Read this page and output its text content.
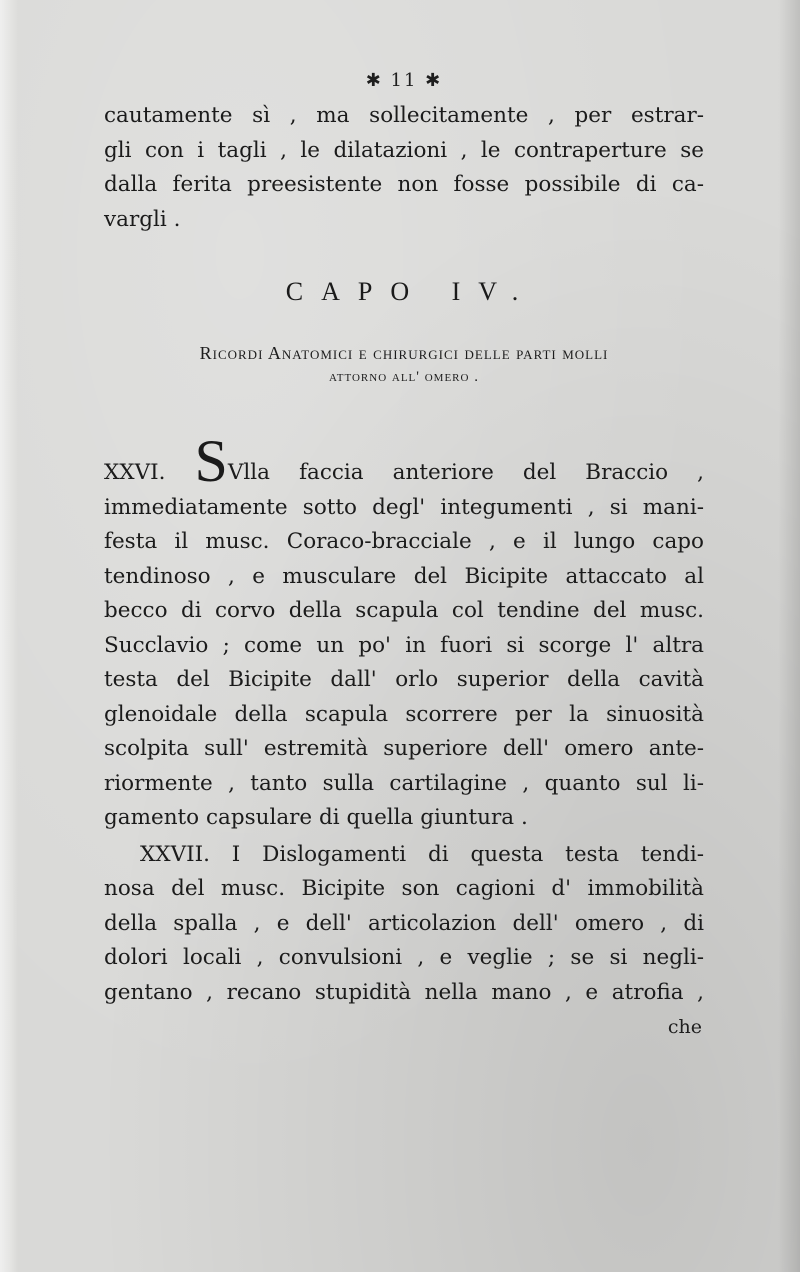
✱ 11 ✱
cautamente sì , ma sollecitamente , per estrar-
gli con i tagli , le dilatazioni , le contraperture se
dalla ferita preesistente non fosse possibile di ca-
vargli .
CAPO IV.
Ricordi Anatomici e chirurgici delle parti molli
attorno all' omero .
XXVI. SVlla faccia anteriore del Braccio ,
immediatamente sotto degl' integumenti , si mani-
festa il musc. Coraco-bracciale , e il lungo capo
tendinoso , e musculare del Bicipite attaccato al
becco di corvo della scapula col tendine del musc.
Succlavio ; come un po' in fuori si scorge l' altra
testa del Bicipite dall' orlo superior della cavità
glenoidale della scapula scorrere per la sinuosità
scolpita sull' estremità superiore dell' omero ante-
riormente , tanto sulla cartilagine , quanto sul li-
gamento capsulare di quella giuntura .
XXVII. I Dislogamenti di questa testa tendi-
nosa del musc. Bicipite son cagioni d' immobilità
della spalla , e dell' articolazion dell' omero , di
dolori locali , convulsioni , e veglie ; se si negli-
gentano , recano stupidità nella mano , e atrofia ,
che
